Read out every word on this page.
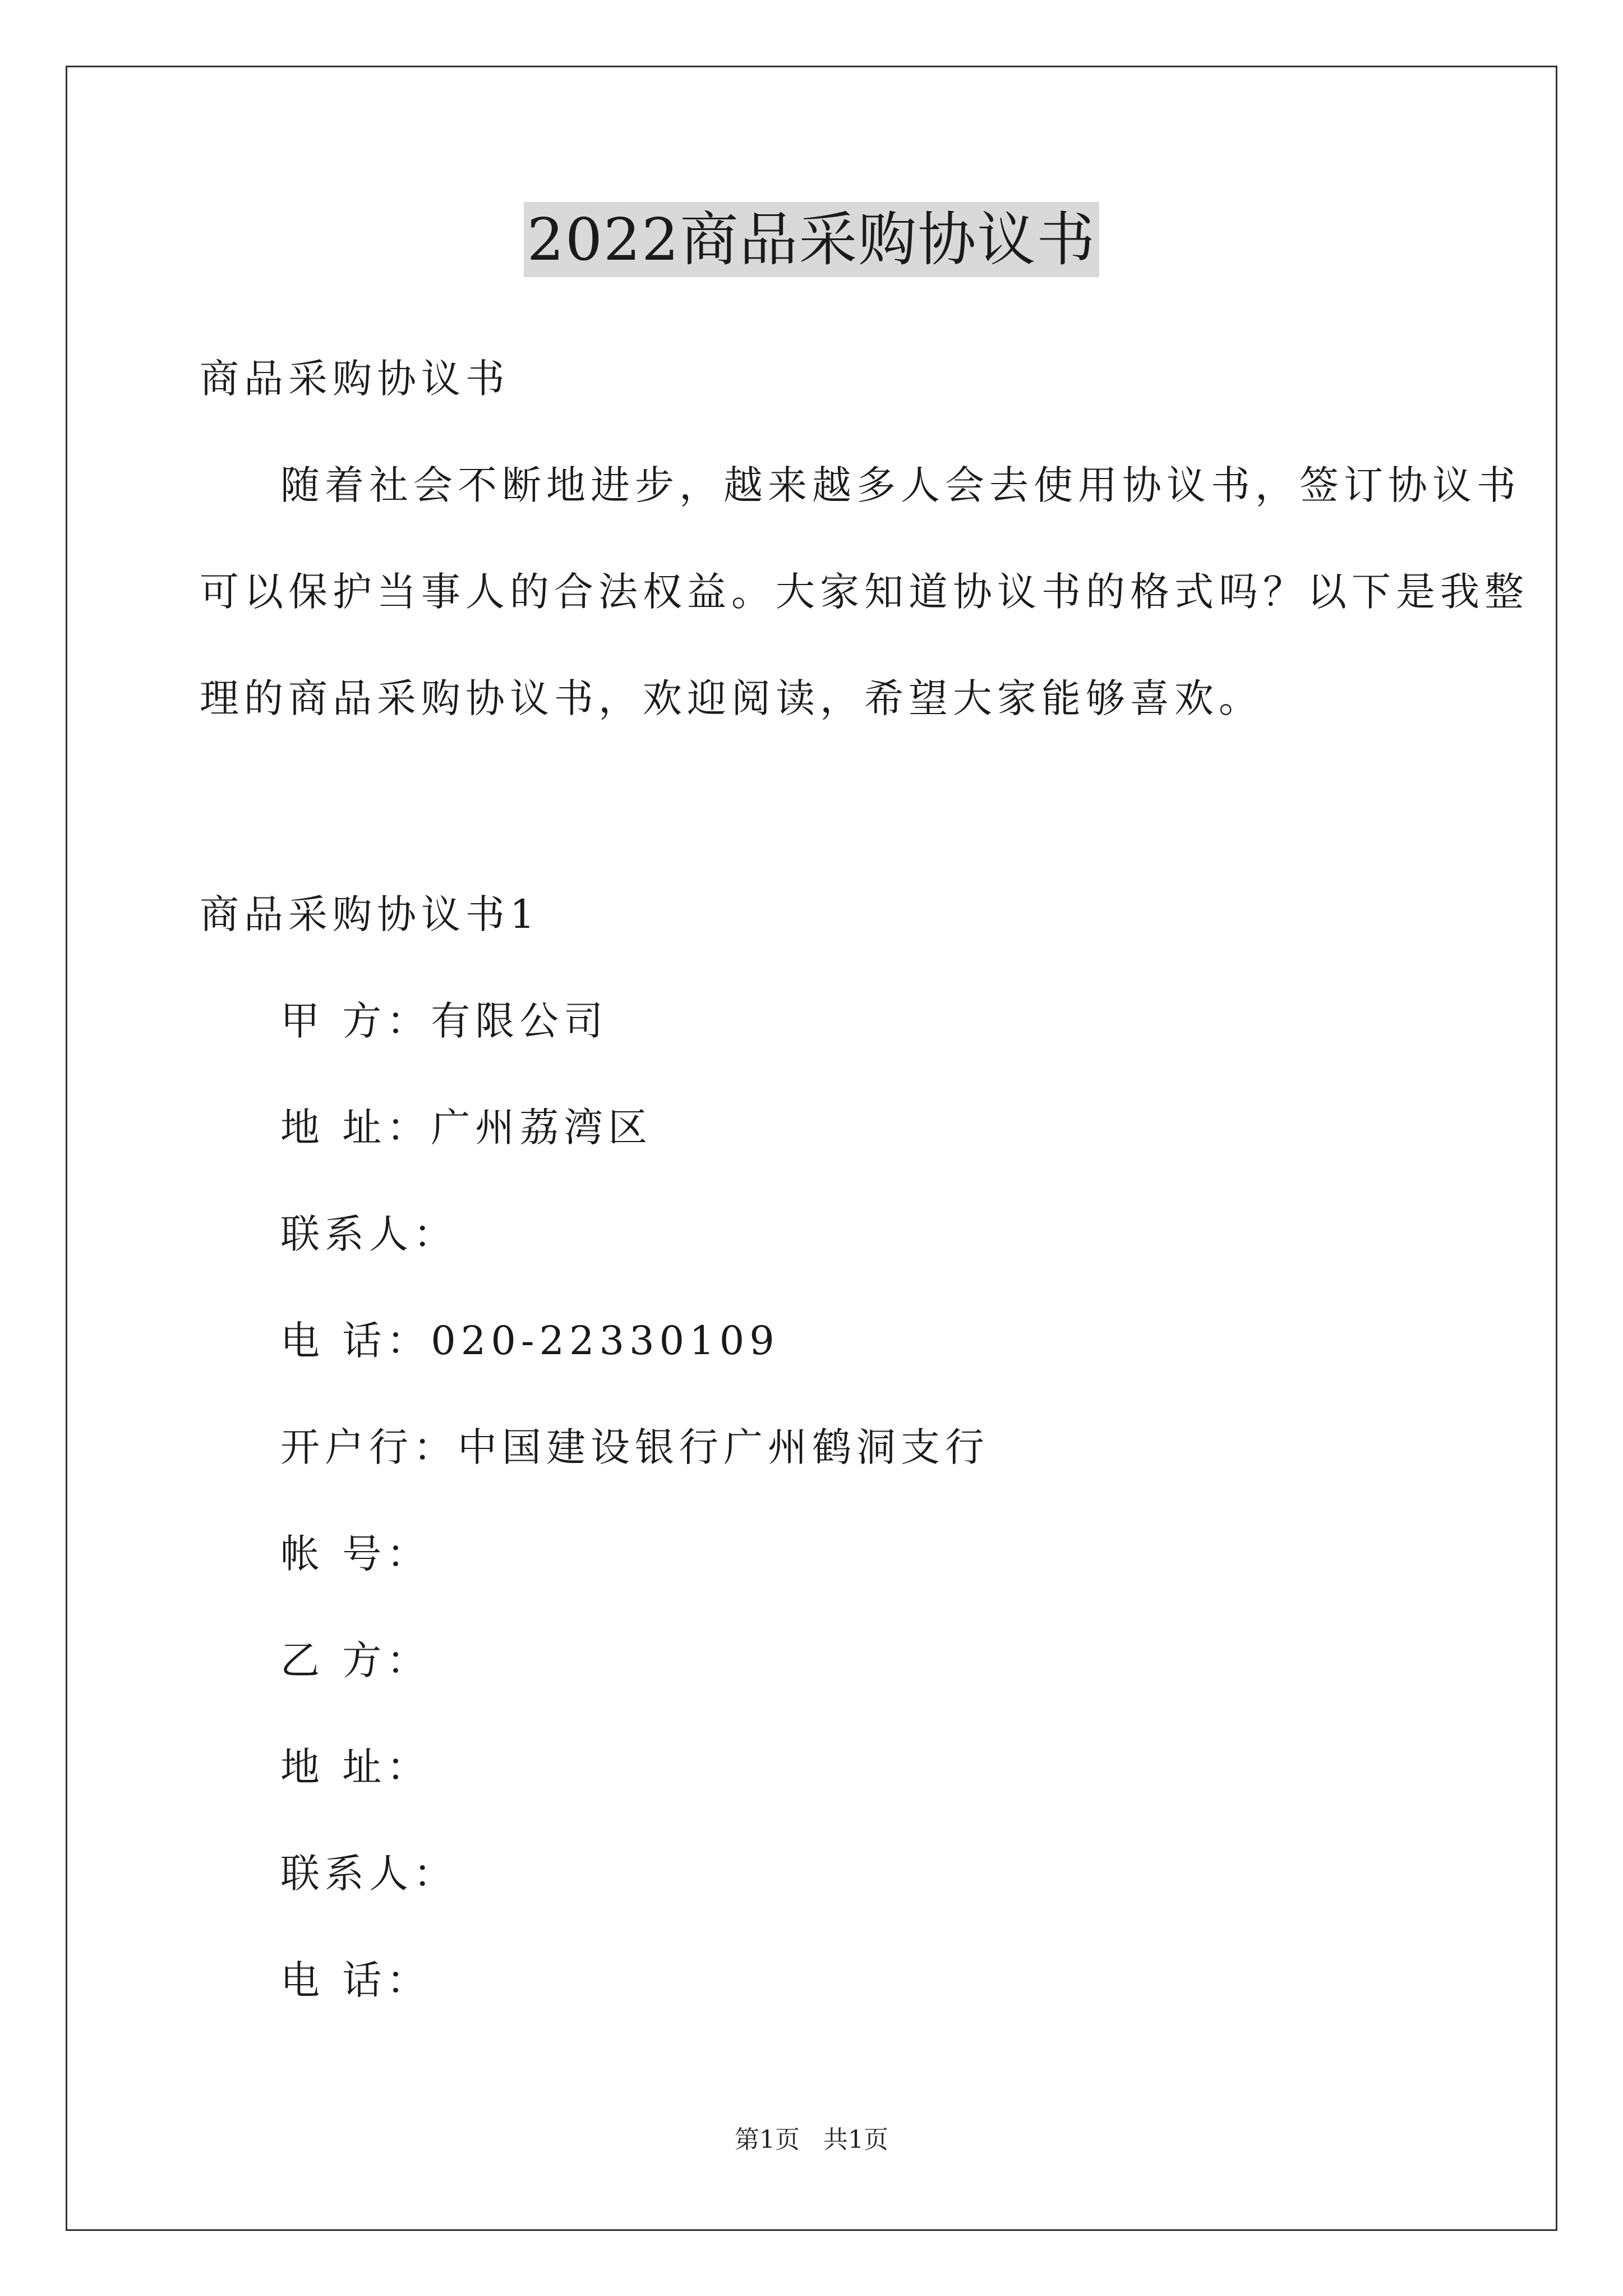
2022商品采购协议书
商品采购协议书
随着社会不断地进步，越来越多人会去使用协议书，签订协议书
可以保护当事人的合法权益。大家知道协议书的格式吗？以下是我整
理的商品采购协议书，欢迎阅读，希望大家能够喜欢。
商品采购协议书1
甲 方：有限公司
地 址：广州荔湾区
联系人：
电 话：020-22330109
开户行：中国建设银行广州鹤洞支行
帐 号：
乙 方：
地 址：
联系人：
电 话：
第1页 共1页
